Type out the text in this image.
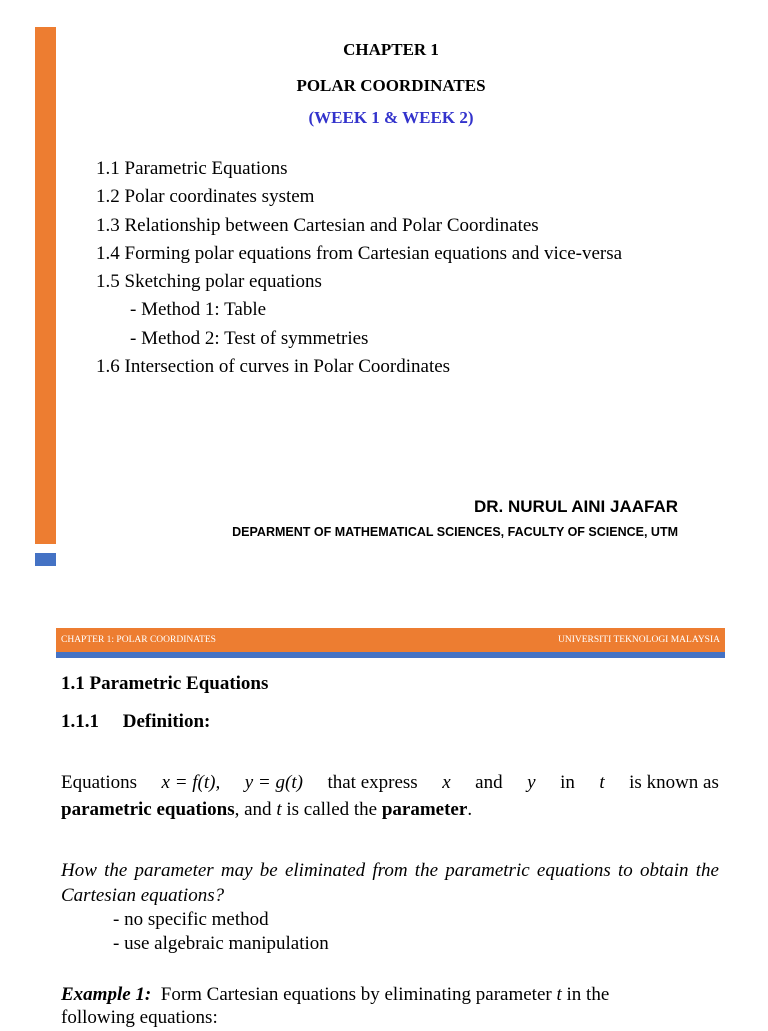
CHAPTER 1
POLAR COORDINATES
(WEEK 1 & WEEK 2)
1.1 Parametric Equations
1.2 Polar coordinates system
1.3 Relationship between Cartesian and Polar Coordinates
1.4 Forming polar equations from Cartesian equations and vice-versa
1.5 Sketching polar equations
- Method 1: Table
- Method 2: Test of symmetries
1.6 Intersection of curves in Polar Coordinates
DR. NURUL AINI JAAFAR
DEPARMENT OF MATHEMATICAL SCIENCES, FACULTY OF SCIENCE, UTM
CHAPTER 1: POLAR COORDINATES	UNIVERSITI TEKNOLOGI MALAYSIA
1.1 Parametric Equations
1.1.1     Definition:
Equations x = f(t), y = g(t) that express x and y in t is known as
parametric equations, and t is called the parameter.
How the parameter may be eliminated from the parametric equations to obtain the Cartesian equations?
- no specific method
- use algebraic manipulation
Example 1: Form Cartesian equations by eliminating parameter t in the
following equations:
